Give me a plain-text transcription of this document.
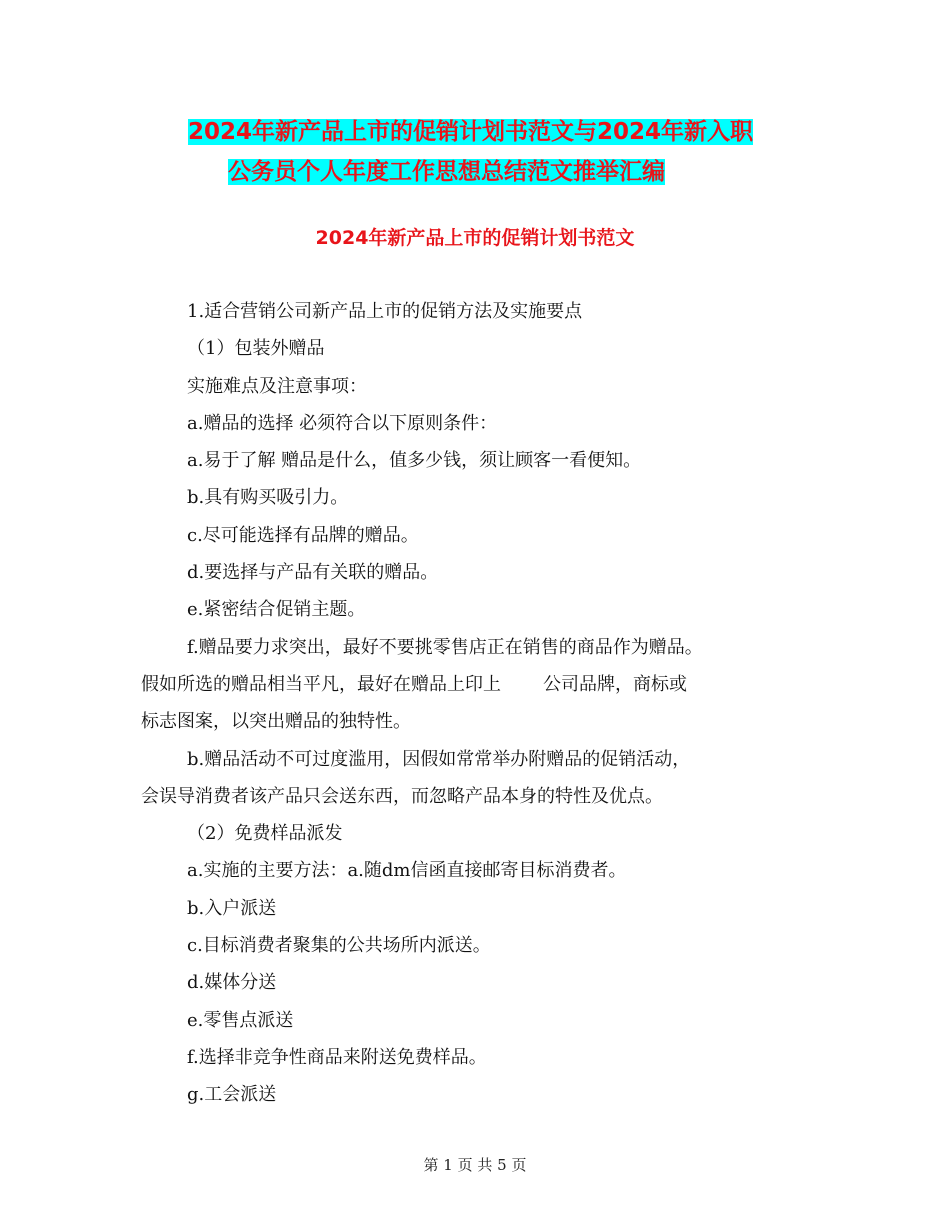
2024年新产品上市的促销计划书范文与2024年新入职
公务员个人年度工作思想总结范文推举汇编
2024年新产品上市的促销计划书范文
1.适合营销公司新产品上市的促销方法及实施要点
（1）包装外赠品
实施难点及注意事项：
a.赠品的选择 必须符合以下原则条件：
a.易于了解 赠品是什么，值多少钱，须让顾客一看便知。
b.具有购买吸引力。
c.尽可能选择有品牌的赠品。
d.要选择与产品有关联的赠品。
e.紧密结合促销主题。
f.赠品要力求突出，最好不要挑零售店正在销售的商品作为赠品。
假如所选的赠品相当平凡，最好在赠品上印上 公司品牌，商标或
标志图案，以突出赠品的独特性。
b.赠品活动不可过度滥用，因假如常常举办附赠品的促销活动，
会误导消费者该产品只会送东西，而忽略产品本身的特性及优点。
（2）免费样品派发
a.实施的主要方法：a.随dm信函直接邮寄目标消费者。
b.入户派送
c.目标消费者聚集的公共场所内派送。
d.媒体分送
e.零售点派送
f.选择非竞争性商品来附送免费样品。
g.工会派送
第 1 页 共 5 页
